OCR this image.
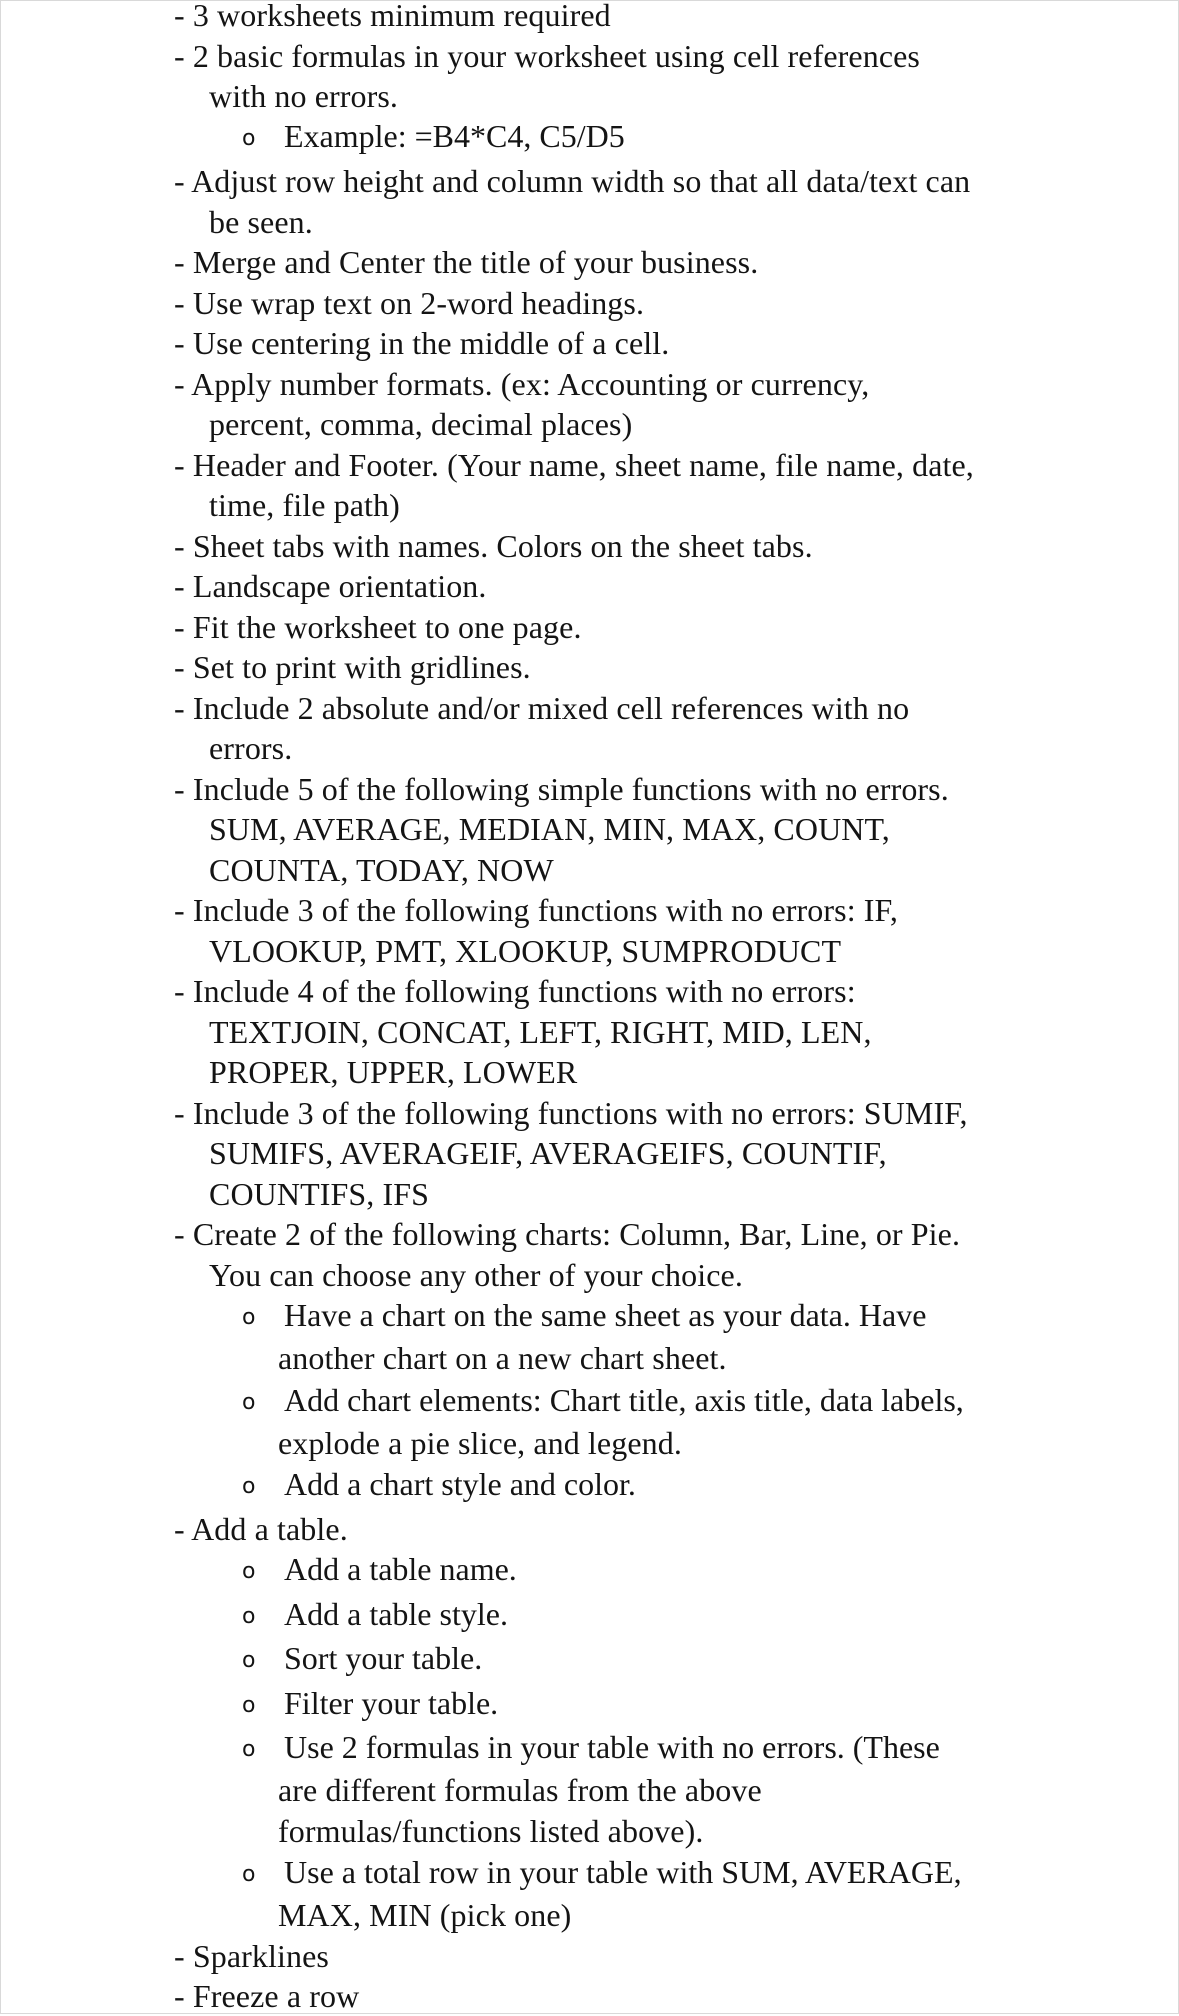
- 3 worksheets minimum required
- 2 basic formulas in your worksheet using cell references
with no errors.
o Example: =B4*C4, C5/D5
- Adjust row height and column width so that all data/text can
be seen.
- Merge and Center the title of your business.
- Use wrap text on 2-word headings.
- Use centering in the middle of a cell.
- Apply number formats. (ex: Accounting or currency,
percent, comma, decimal places)
- Header and Footer. (Your name, sheet name, file name, date,
time, file path)
- Sheet tabs with names. Colors on the sheet tabs.
- Landscape orientation.
- Fit the worksheet to one page.
- Set to print with gridlines.
- Include 2 absolute and/or mixed cell references with no
errors.
- Include 5 of the following simple functions with no errors.
SUM, AVERAGE, MEDIAN, MIN, MAX, COUNT,
COUNTA, TODAY, NOW
- Include 3 of the following functions with no errors: IF,
VLOOKUP, PMT, XLOOKUP, SUMPRODUCT
- Include 4 of the following functions with no errors:
TEXTJOIN, CONCAT, LEFT, RIGHT, MID, LEN,
PROPER, UPPER, LOWER
- Include 3 of the following functions with no errors: SUMIF,
SUMIFS, AVERAGEIF, AVERAGEIFS, COUNTIF,
COUNTIFS, IFS
- Create 2 of the following charts: Column, Bar, Line, or Pie.
You can choose any other of your choice.
o Have a chart on the same sheet as your data. Have
another chart on a new chart sheet.
o Add chart elements: Chart title, axis title, data labels,
explode a pie slice, and legend.
o Add a chart style and color.
- Add a table.
o Add a table name.
o Add a table style.
o Sort your table.
o Filter your table.
o Use 2 formulas in your table with no errors. (These
are different formulas from the above
formulas/functions listed above).
o Use a total row in your table with SUM, AVERAGE,
MAX, MIN (pick one)
- Sparklines
- Freeze a row
